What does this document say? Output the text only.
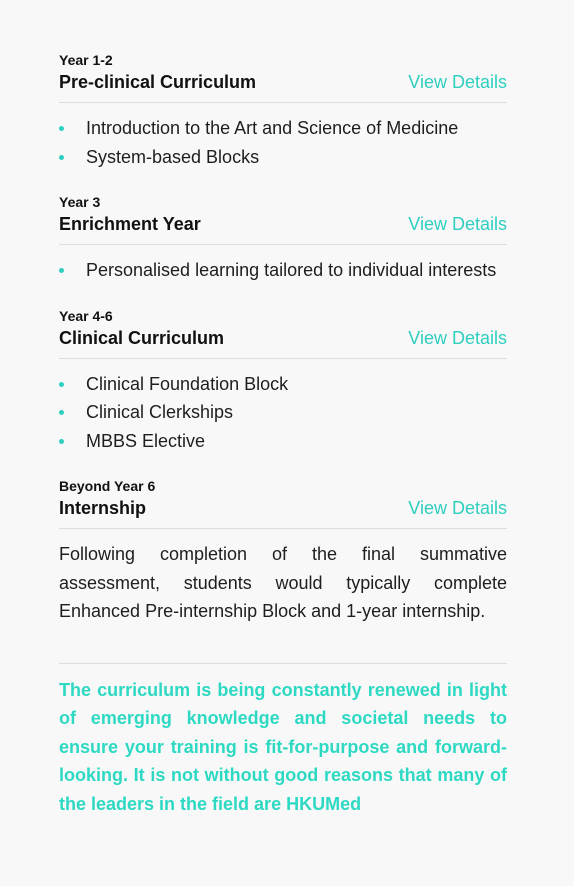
Year 1-2
Pre-clinical Curriculum	View Details
Introduction to the Art and Science of Medicine
System-based Blocks
Year 3
Enrichment Year	View Details
Personalised learning tailored to individual interests
Year 4-6
Clinical Curriculum	View Details
Clinical Foundation Block
Clinical Clerkships
MBBS Elective
Beyond Year 6
Internship	View Details

Following completion of the final summative assessment, students would typically complete Enhanced Pre-internship Block and 1-year internship.

The curriculum is being constantly renewed in light of emerging knowledge and societal needs to ensure your training is fit-for-purpose and forward-looking. It is not without good reasons that many of the leaders in the field are HKUMed
